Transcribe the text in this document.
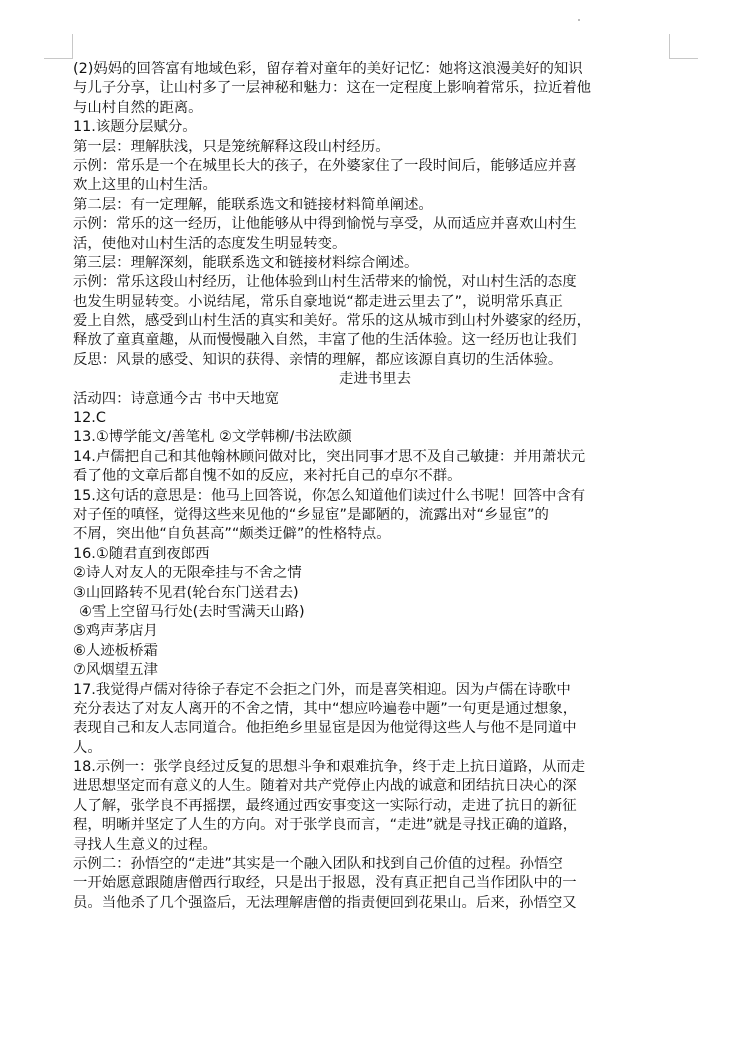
(2)妈妈的回答富有地域色彩，留存着对童年的美好记忆：她将这浪漫美好的知识
与儿子分享，让山村多了一层神秘和魅力：这在一定程度上影响着常乐，拉近着他
与山村自然的距离。
11.该题分层赋分。
第一层：理解肤浅，只是笼统解释这段山村经历。
示例：常乐是一个在城里长大的孩子，在外婆家住了一段时间后，能够适应并喜
欢上这里的山村生活。
第二层：有一定理解，能联系选文和链接材料简单阐述。
示例：常乐的这一经历，让他能够从中得到愉悦与享受，从而适应并喜欢山村生
活，使他对山村生活的态度发生明显转变。
第三层：理解深刻，能联系选文和链接材料综合阐述。
示例：常乐这段山村经历，让他体验到山村生活带来的愉悦，对山村生活的态度
也发生明显转变。小说结尾，常乐自豪地说“都走进云里去了”，说明常乐真正
爱上自然，感受到山村生活的真实和美好。常乐的这从城市到山村外婆家的经历，
释放了童真童趣，从而慢慢融入自然，丰富了他的生活体验。这一经历也让我们
反思：风景的感受、知识的获得、亲情的理解，都应该源自真切的生活体验。
走进书里去
活动四：诗意通今古 书中天地宽
12.C
13.①博学能文/善笔札 ②文学韩柳/书法欧颜
14.卢儒把自己和其他翰林顾问做对比，突出同事才思不及自己敏捷：并用萧状元
看了他的文章后都自愧不如的反应，来衬托自己的卓尔不群。
15.这句话的意思是：他马上回答说，你怎么知道他们读过什么书呢！回答中含有
对子侄的嗔怪，觉得这些来见他的“乡显宦”是鄙陋的，流露出对“乡显宦”的
不屑，突出他“自负甚高”“颇类迂僻”的性格特点。
16.①随君直到夜郎西
②诗人对友人的无限牵挂与不舍之情
③山回路转不见君(轮台东门送君去)
④雪上空留马行处(去时雪满天山路)
⑤鸡声茅店月
⑥人迹板桥霜
⑦风烟望五津
17.我觉得卢儒对待徐子春定不会拒之门外，而是喜笑相迎。因为卢儒在诗歌中
充分表达了对友人离开的不舍之情，其中“想应吟遍卷中题”一句更是通过想象，
表现自己和友人志同道合。他拒绝乡里显宦是因为他觉得这些人与他不是同道中
人。
18.示例一：张学良经过反复的思想斗争和艰难抗争，终于走上抗日道路，从而走
进思想坚定而有意义的人生。随着对共产党停止内战的诚意和团结抗日决心的深
人了解，张学良不再摇摆，最终通过西安事变这一实际行动，走进了抗日的新征
程，明晰并坚定了人生的方向。对于张学良而言，“走进”就是寻找正确的道路，
寻找人生意义的过程。
示例二：孙悟空的“走进”其实是一个融入团队和找到自己价值的过程。孙悟空
一开始愿意跟随唐僧西行取经，只是出于报恩，没有真正把自己当作团队中的一
员。当他杀了几个强盗后，无法理解唐僧的指责便回到花果山。后来，孙悟空又
